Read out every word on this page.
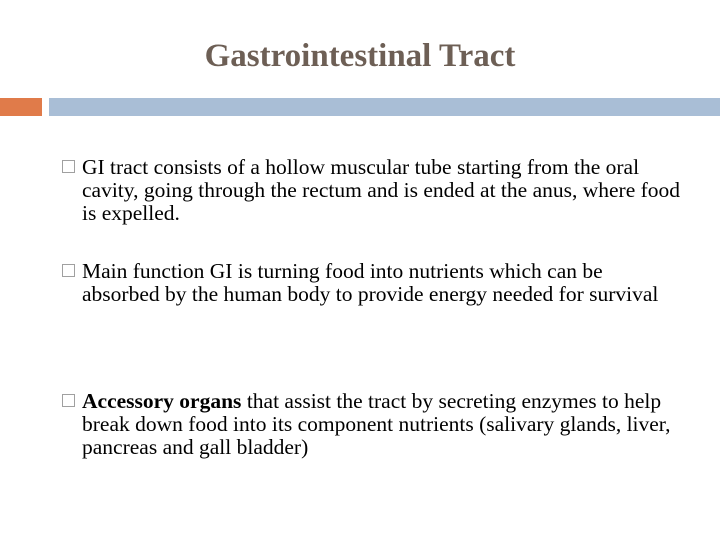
Gastrointestinal Tract
GI tract consists of a hollow muscular tube starting from the oral cavity, going through the rectum and is ended at the anus, where food is expelled.
Main function GI is turning food into nutrients which can be absorbed by the human body to provide energy needed for survival
Accessory organs that assist the tract by secreting enzymes to help break down food into its component nutrients (salivary glands, liver, pancreas and gall bladder)
